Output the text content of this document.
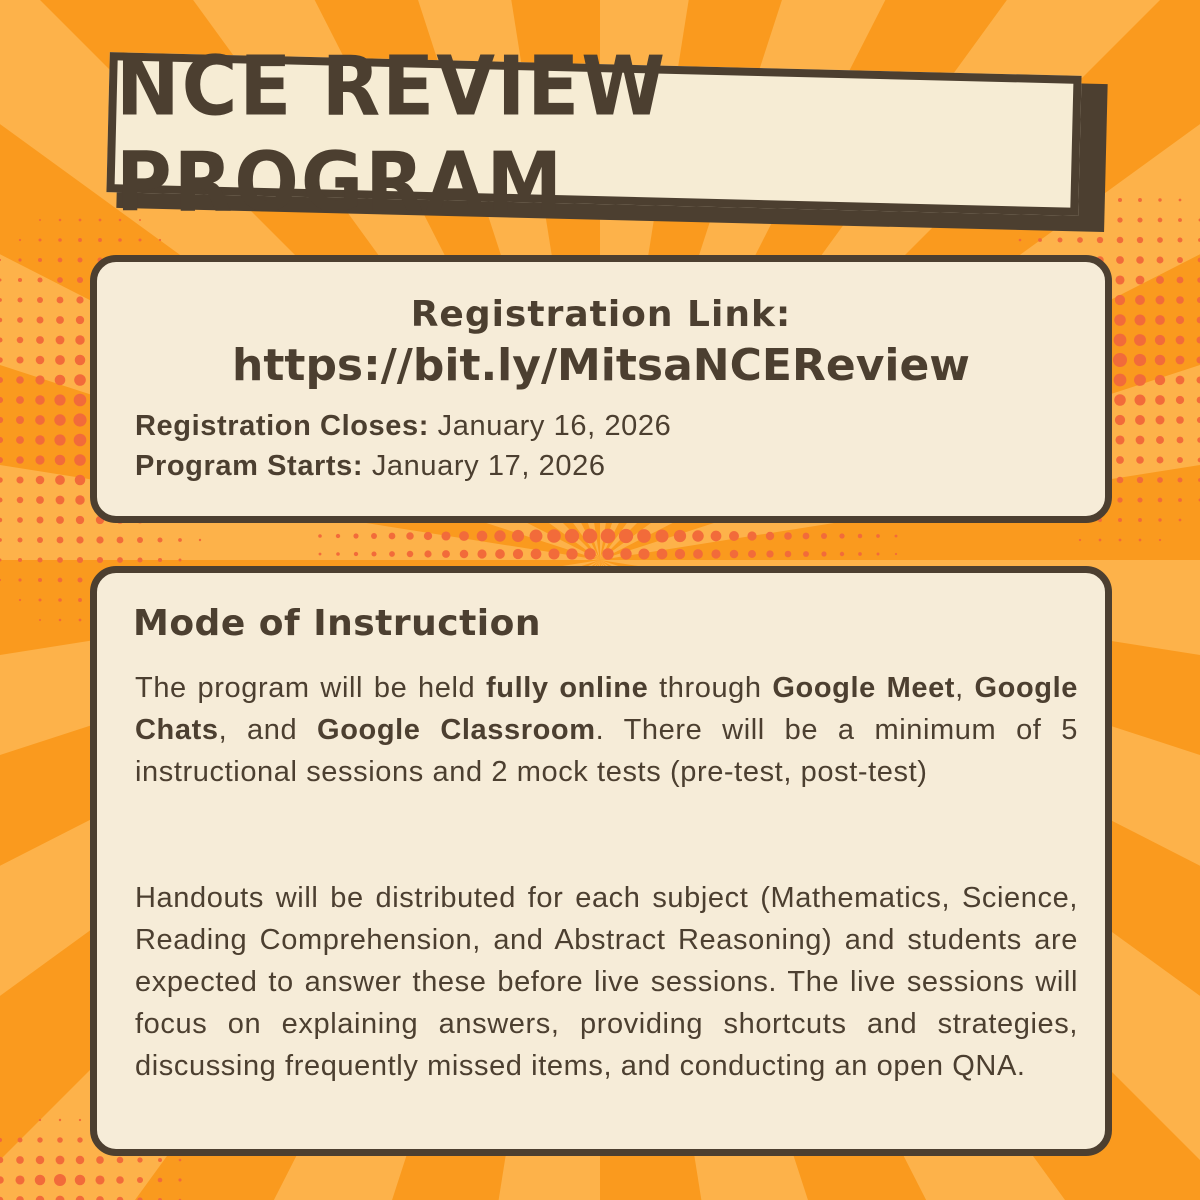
NCE REVIEW PROGRAM
Registration Link:
https://bit.ly/MitsaNCEReview
Registration Closes: January 16, 2026
Program Starts: January 17, 2026
Mode of Instruction
The program will be held fully online through Google Meet, Google Chats, and Google Classroom. There will be a minimum of 5 instructional sessions and 2 mock tests (pre-test, post-test)
Handouts will be distributed for each subject (Mathematics, Science, Reading Comprehension, and Abstract Reasoning) and students are expected to answer these before live sessions. The live sessions will focus on explaining answers, providing shortcuts and strategies, discussing frequently missed items, and conducting an open QNA.
